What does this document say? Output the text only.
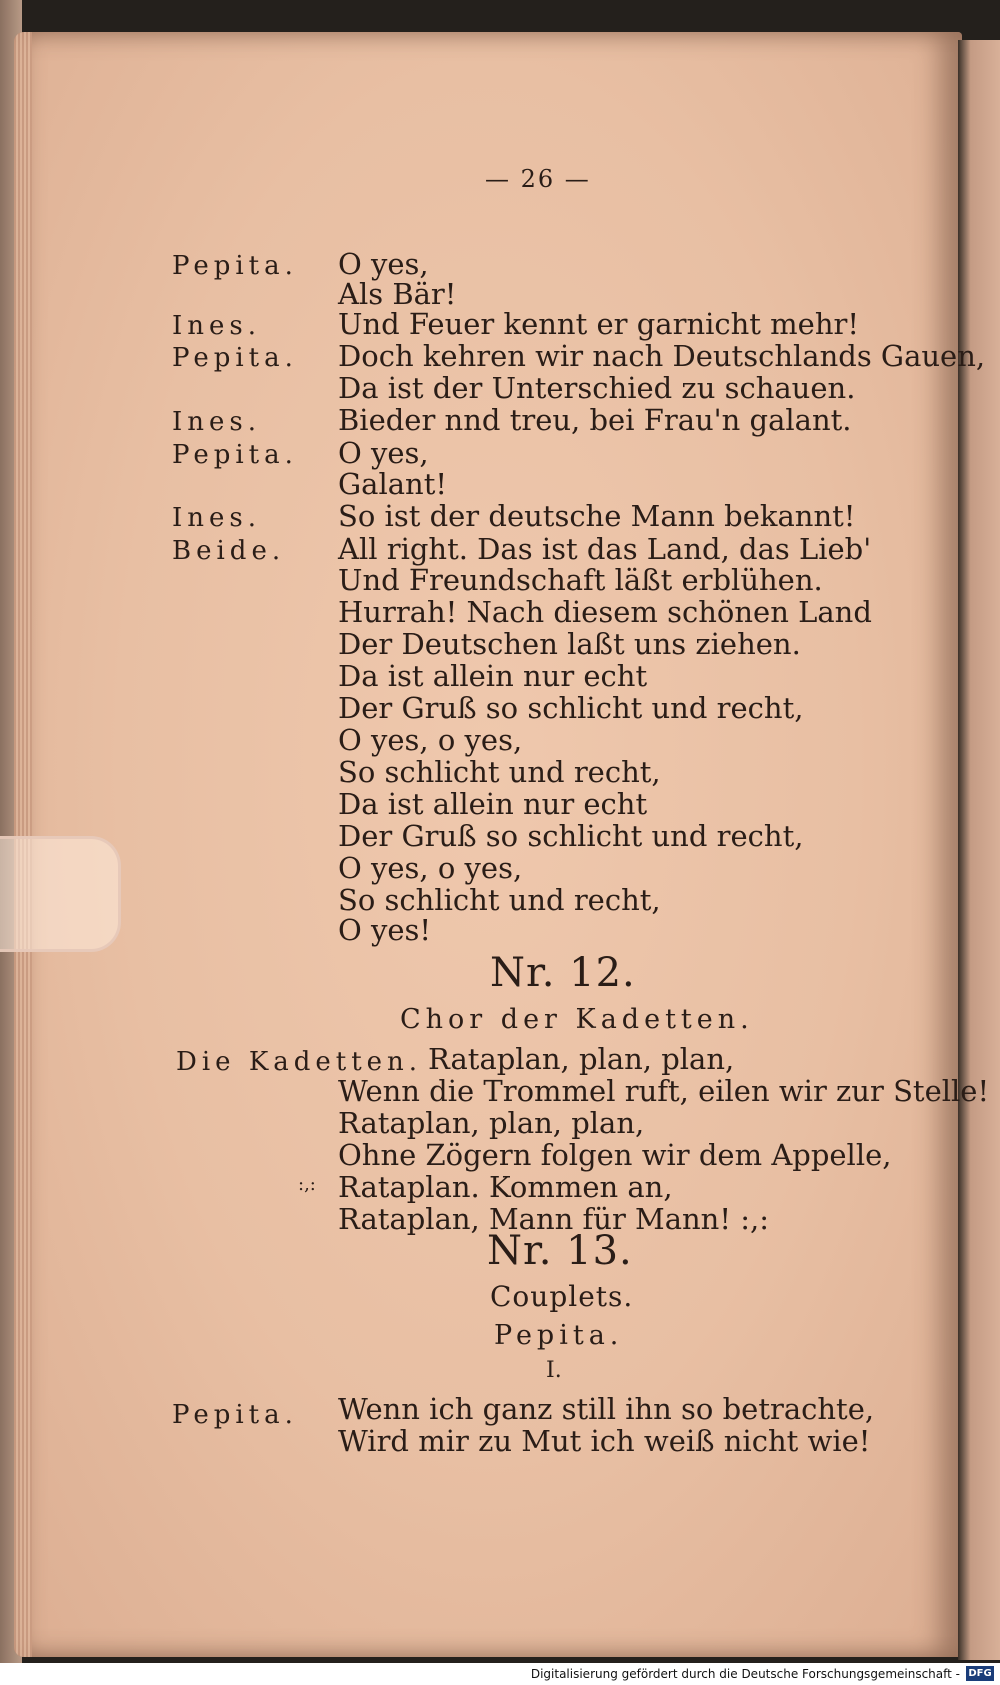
— 26 —
Pepita. O yes,
Als Bär!
Ines.	Und Feuer kennt er garnicht mehr!
Pepita. Doch kehren wir nach Deutschlands Gauen,
Da ist der Unterschied zu schauen.
Ines.	Bieder nnd treu, bei Frau'n galant.
Pepita. O yes,
Galant!
Ines.	So ist der deutsche Mann bekannt!
Beide. All right. Das ist das Land, das Lieb'
Und Freundschaft läßt erblühen.
Hurrah! Nach diesem schönen Land
Der Deutschen laßt uns ziehen.
Da ist allein nur echt
Der Gruß so schlicht und recht,
O yes, o yes,
So schlicht und recht,
Da ist allein nur echt
Der Gruß so schlicht und recht,
O yes, o yes,
So schlicht und recht,
O yes!
Nr. 12.
Chor der Kadetten.
Die Kadetten. Rataplan, plan, plan,
Wenn die Trommel ruft, eilen wir zur Stelle!
Rataplan, plan, plan,
Ohne Zögern folgen wir dem Appelle,
:,: Rataplan. Kommen an,
Rataplan, Mann für Mann! :,:
Nr. 13.
Couplets.
Pepita.
I.
Pepita. Wenn ich ganz still ihn so betrachte,
Wird mir zu Mut ich weiß nicht wie!
Digitalisierung gefördert durch die Deutsche Forschungsgemeinschaft - DFG
